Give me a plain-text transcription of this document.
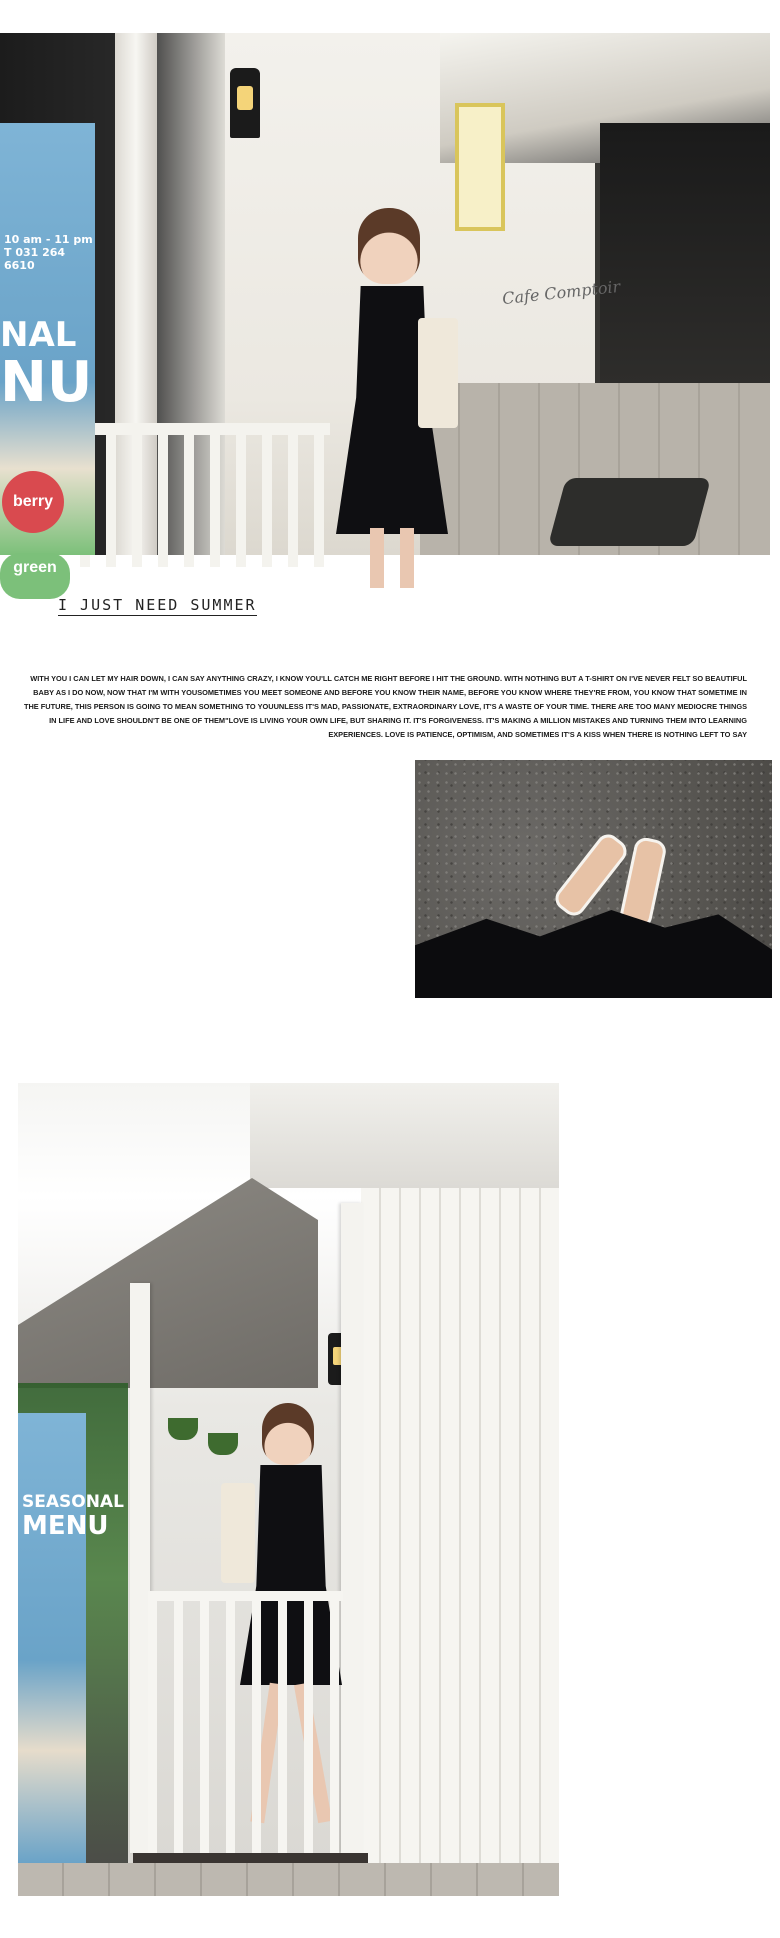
Cafe Comptoir
10 am - 11 pm
T 031 264 6610
NAL
NU
berry
green
I JUST NEED SUMMER
WITH YOU I CAN LET MY HAIR DOWN, I CAN SAY ANYTHING CRAZY, I KNOW YOU'LL CATCH ME RIGHT BEFORE I HIT THE GROUND. WITH NOTHING BUT A T-SHIRT ON I'VE NEVER FELT SO BEAUTIFUL BABY AS I DO NOW, NOW THAT I'M WITH YOUSOMETIMES YOU MEET SOMEONE AND BEFORE YOU KNOW THEIR NAME, BEFORE YOU KNOW WHERE THEY'RE FROM, YOU KNOW THAT SOMETIME IN THE FUTURE, THIS PERSON IS GOING TO MEAN SOMETHING TO YOUUNLESS IT'S MAD, PASSIONATE, EXTRAORDINARY LOVE, IT'S A WASTE OF YOUR TIME. THERE ARE TOO MANY MEDIOCRE THINGS IN LIFE AND LOVE SHOULDN'T BE ONE OF THEM"LOVE IS LIVING YOUR OWN LIFE, BUT SHARING IT. IT'S FORGIVENESS. IT'S MAKING A MILLION MISTAKES AND TURNING THEM INTO LEARNING EXPERIENCES. LOVE IS PATIENCE, OPTIMISM, AND SOMETIMES IT'S A KISS WHEN THERE IS NOTHING LEFT TO SAY
SEASONAL
MENU
